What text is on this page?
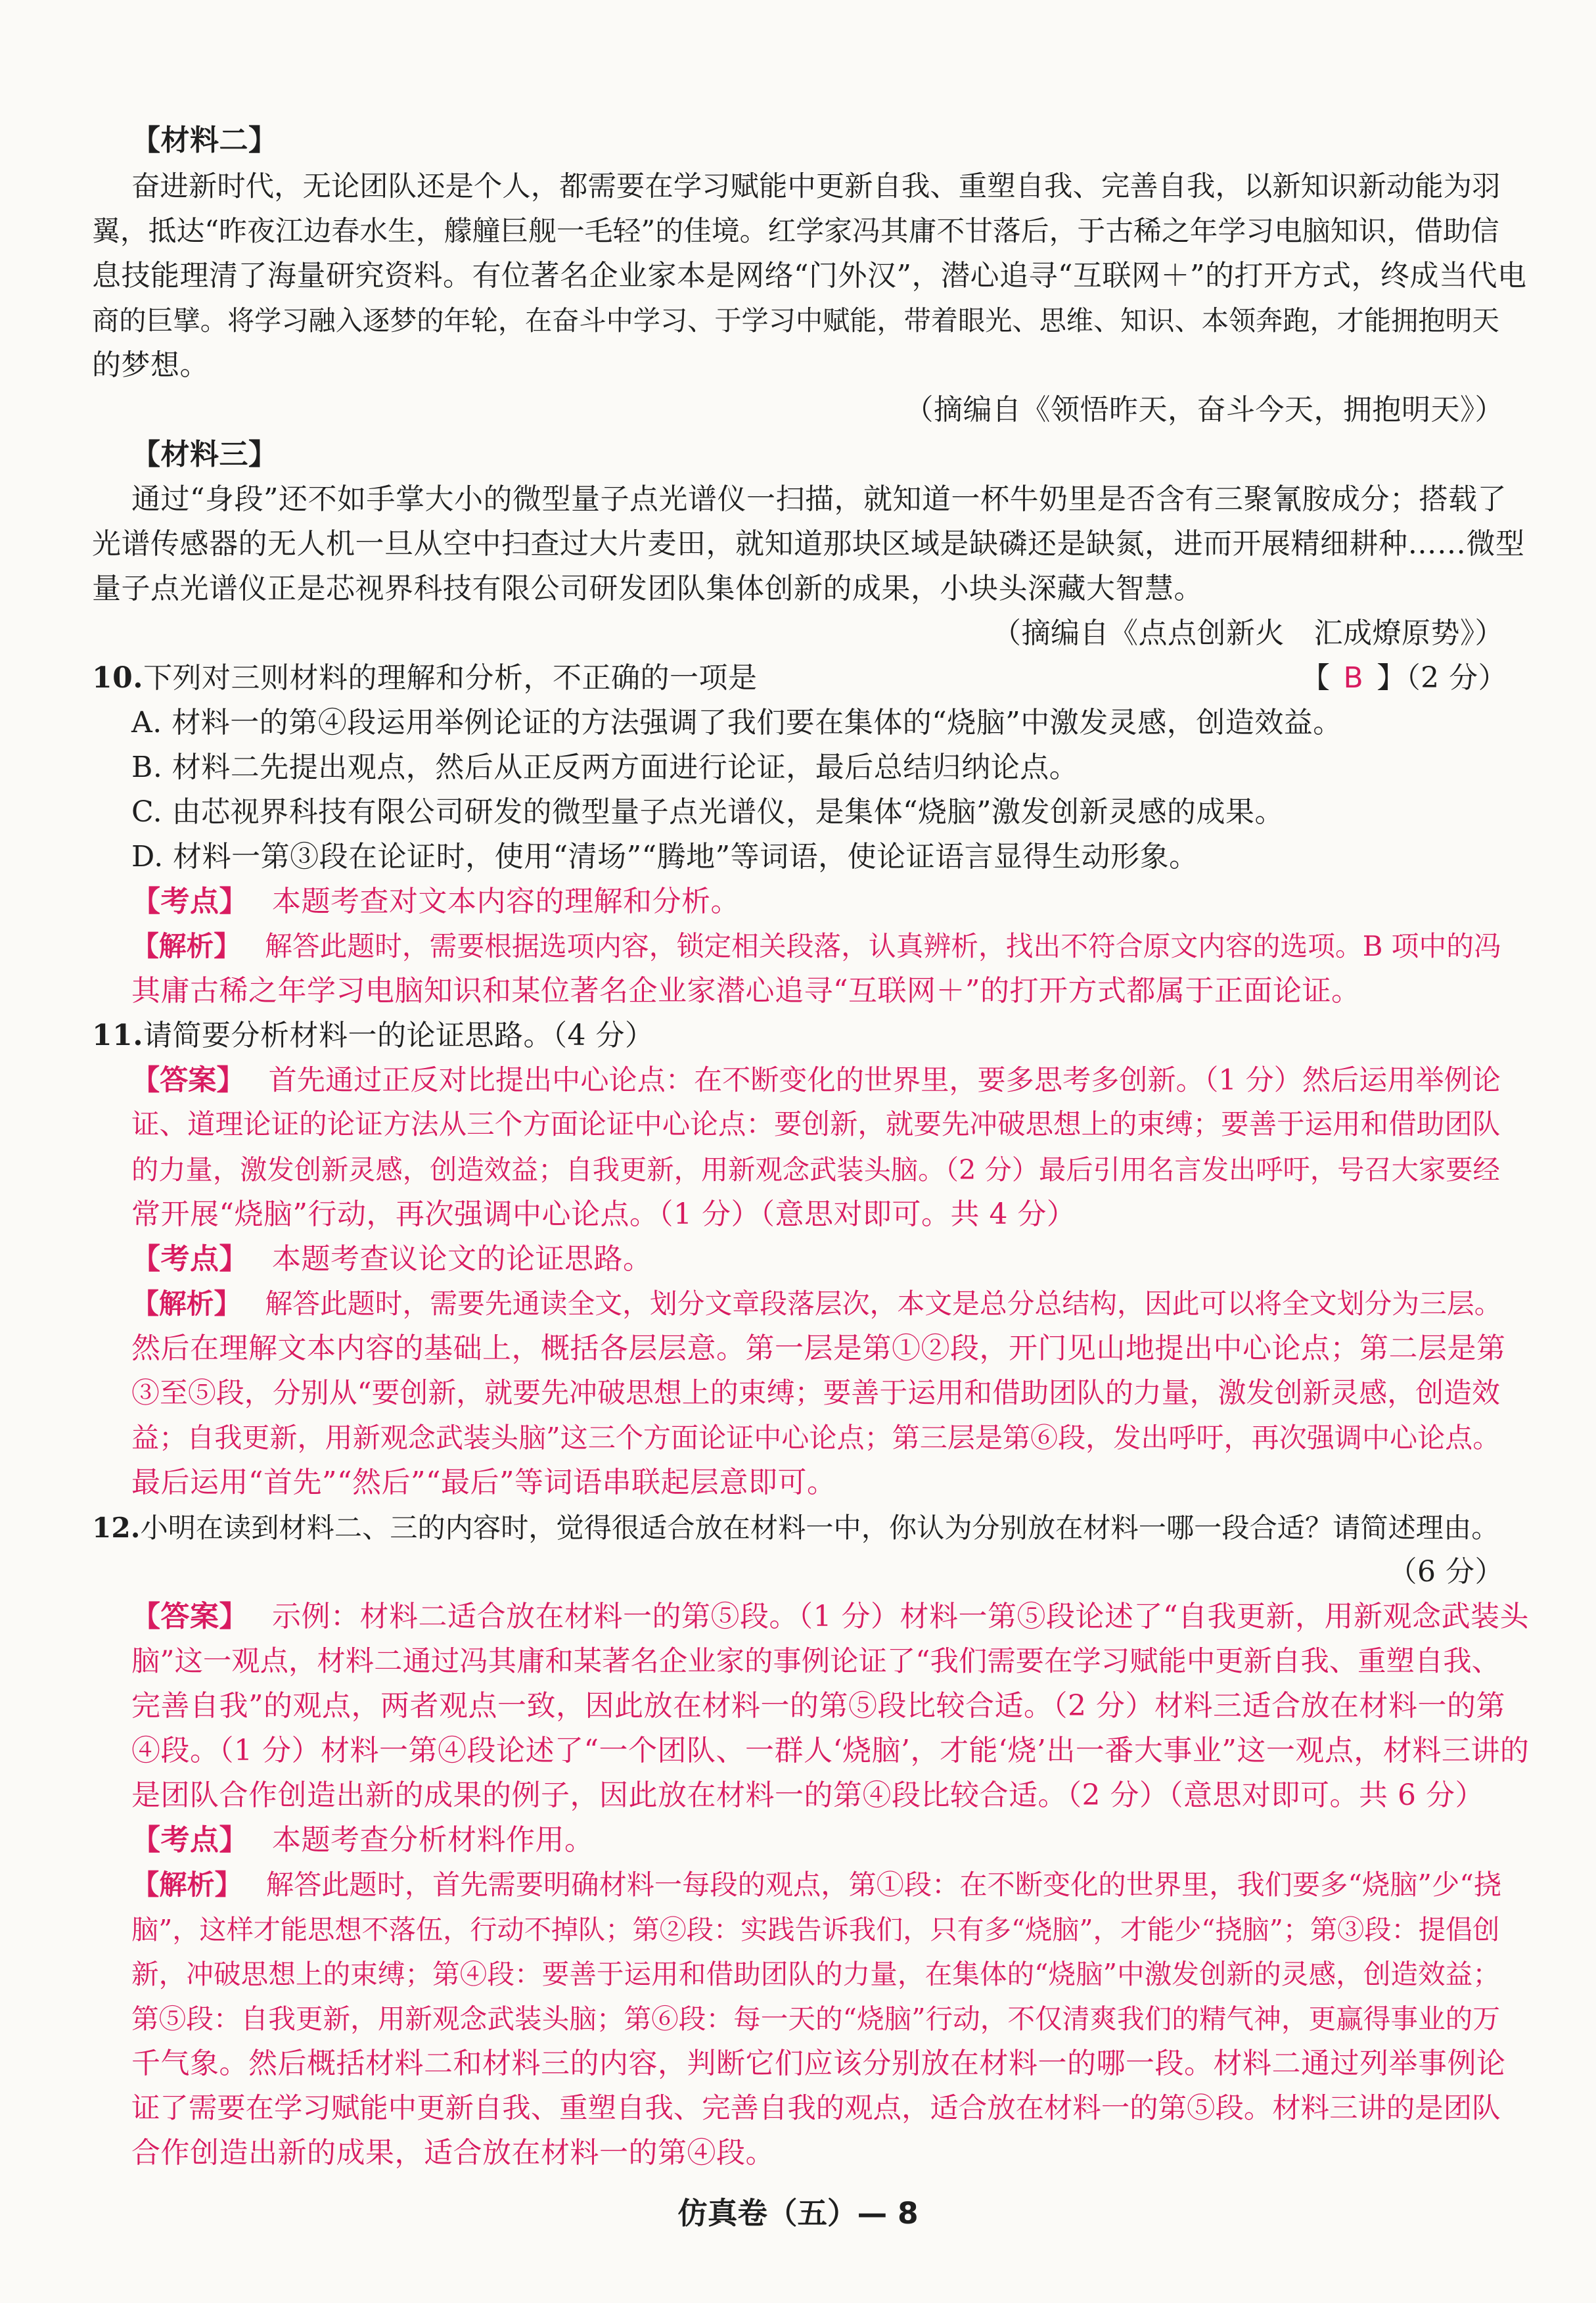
【材料二】
奋进新时代，无论团队还是个人，都需要在学习赋能中更新自我、重塑自我、完善自我，以新知识新动能为羽
翼，抵达“昨夜江边春水生，艨艟巨舰一毛轻”的佳境。红学家冯其庸不甘落后，于古稀之年学习电脑知识，借助信
息技能理清了海量研究资料。有位著名企业家本是网络“门外汉”，潜心追寻“互联网＋”的打开方式，终成当代电
商的巨擘。将学习融入逐梦的年轮，在奋斗中学习、于学习中赋能，带着眼光、思维、知识、本领奔跑，才能拥抱明天
的梦想。
（摘编自《领悟昨天，奋斗今天，拥抱明天》）
【材料三】
通过“身段”还不如手掌大小的微型量子点光谱仪一扫描，就知道一杯牛奶里是否含有三聚氰胺成分；搭载了
光谱传感器的无人机一旦从空中扫查过大片麦田，就知道那块区域是缺磷还是缺氮，进而开展精细耕种……微型
量子点光谱仪正是芯视界科技有限公司研发团队集体创新的成果，小块头深藏大智慧。
（摘编自《点点创新火　汇成燎原势》）
10.下列对三则材料的理解和分析，不正确的一项是	【 B 】（2 分）
A. 材料一的第④段运用举例论证的方法强调了我们要在集体的“烧脑”中激发灵感，创造效益。
B. 材料二先提出观点，然后从正反两方面进行论证，最后总结归纳论点。
C. 由芯视界科技有限公司研发的微型量子点光谱仪，是集体“烧脑”激发创新灵感的成果。
D. 材料一第③段在论证时，使用“清场”“腾地”等词语，使论证语言显得生动形象。
【考点】 本题考查对文本内容的理解和分析。
【解析】 解答此题时，需要根据选项内容，锁定相关段落，认真辨析，找出不符合原文内容的选项。B 项中的冯
其庸古稀之年学习电脑知识和某位著名企业家潜心追寻“互联网＋”的打开方式都属于正面论证。
11.请简要分析材料一的论证思路。（4 分）
【答案】 首先通过正反对比提出中心论点：在不断变化的世界里，要多思考多创新。（1 分）然后运用举例论
证、道理论证的论证方法从三个方面论证中心论点：要创新，就要先冲破思想上的束缚；要善于运用和借助团队
的力量，激发创新灵感，创造效益；自我更新，用新观念武装头脑。（2 分）最后引用名言发出呼吁，号召大家要经
常开展“烧脑”行动，再次强调中心论点。（1 分）（意思对即可。共 4 分）
【考点】 本题考查议论文的论证思路。
【解析】 解答此题时，需要先通读全文，划分文章段落层次，本文是总分总结构，因此可以将全文划分为三层。
然后在理解文本内容的基础上，概括各层层意。第一层是第①②段，开门见山地提出中心论点；第二层是第
③至⑤段，分别从“要创新，就要先冲破思想上的束缚；要善于运用和借助团队的力量，激发创新灵感，创造效
益；自我更新，用新观念武装头脑”这三个方面论证中心论点；第三层是第⑥段，发出呼吁，再次强调中心论点。
最后运用“首先”“然后”“最后”等词语串联起层意即可。
12.小明在读到材料二、三的内容时，觉得很适合放在材料一中，你认为分别放在材料一哪一段合适？请简述理由。
（6 分）
【答案】 示例：材料二适合放在材料一的第⑤段。（1 分）材料一第⑤段论述了“自我更新，用新观念武装头
脑”这一观点，材料二通过冯其庸和某著名企业家的事例论证了“我们需要在学习赋能中更新自我、重塑自我、
完善自我”的观点，两者观点一致，因此放在材料一的第⑤段比较合适。（2 分）材料三适合放在材料一的第
④段。（1 分）材料一第④段论述了“一个团队、一群人‘烧脑’，才能‘烧’出一番大事业”这一观点，材料三讲的
是团队合作创造出新的成果的例子，因此放在材料一的第④段比较合适。（2 分）（意思对即可。共 6 分）
【考点】 本题考查分析材料作用。
【解析】 解答此题时，首先需要明确材料一每段的观点，第①段：在不断变化的世界里，我们要多“烧脑”少“挠
脑”，这样才能思想不落伍，行动不掉队；第②段：实践告诉我们，只有多“烧脑”，才能少“挠脑”；第③段：提倡创
新，冲破思想上的束缚；第④段：要善于运用和借助团队的力量，在集体的“烧脑”中激发创新的灵感，创造效益；
第⑤段：自我更新，用新观念武装头脑；第⑥段：每一天的“烧脑”行动，不仅清爽我们的精气神，更赢得事业的万
千气象。然后概括材料二和材料三的内容，判断它们应该分别放在材料一的哪一段。材料二通过列举事例论
证了需要在学习赋能中更新自我、重塑自我、完善自我的观点，适合放在材料一的第⑤段。材料三讲的是团队
合作创造出新的成果，适合放在材料一的第④段。
仿真卷（五）— 8
